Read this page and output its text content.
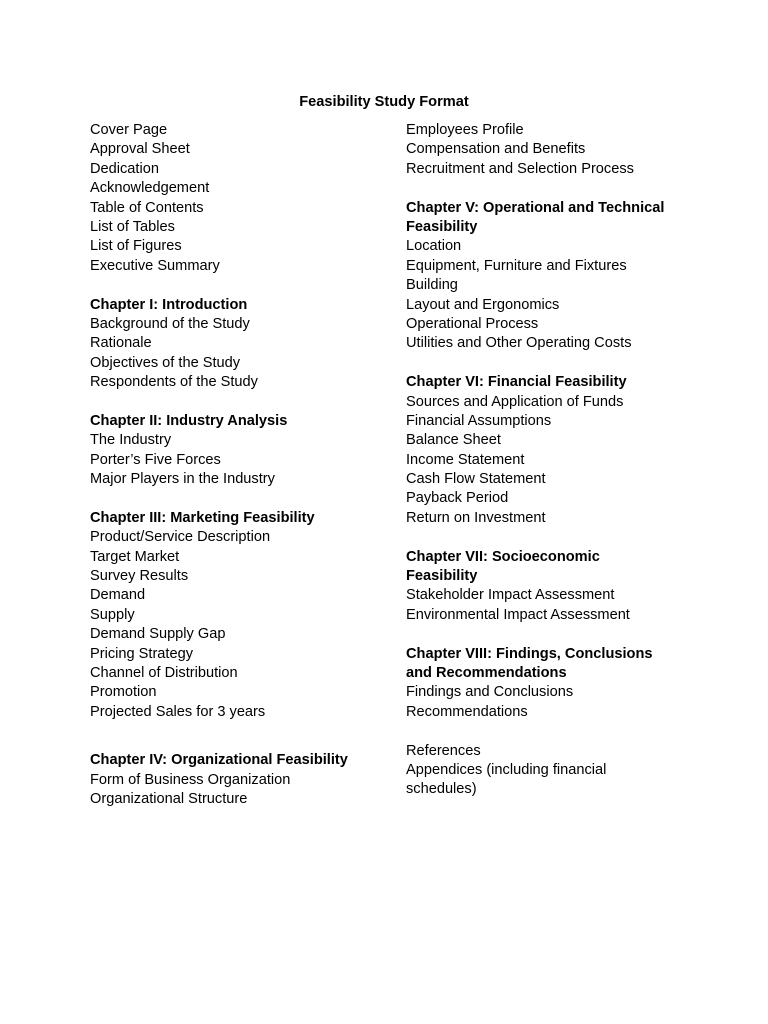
Feasibility Study Format
Cover Page
Approval Sheet
Dedication
Acknowledgement
Table of Contents
List of Tables
List of Figures
Executive Summary
Chapter I: Introduction
Background of the Study
Rationale
Objectives of the Study
Respondents of the Study
Chapter II: Industry Analysis
The Industry
Porter’s Five Forces
Major Players in the Industry
Chapter III: Marketing Feasibility
Product/Service Description
Target Market
Survey Results
Demand
Supply
Demand Supply Gap
Pricing Strategy
Channel of Distribution
Promotion
Projected Sales for 3 years
Chapter IV: Organizational Feasibility
Form of Business Organization
Organizational Structure
Employees Profile
Compensation and Benefits
Recruitment and Selection Process
Chapter V: Operational and Technical Feasibility
Location
Equipment, Furniture and Fixtures
Building
Layout and Ergonomics
Operational Process
Utilities and Other Operating Costs
Chapter VI: Financial Feasibility
Sources and Application of Funds
Financial Assumptions
Balance Sheet
Income Statement
Cash Flow Statement
Payback Period
Return on Investment
Chapter VII: Socioeconomic Feasibility
Stakeholder Impact Assessment
Environmental Impact Assessment
Chapter VIII: Findings, Conclusions and Recommendations
Findings and Conclusions
Recommendations
References
Appendices (including financial schedules)
